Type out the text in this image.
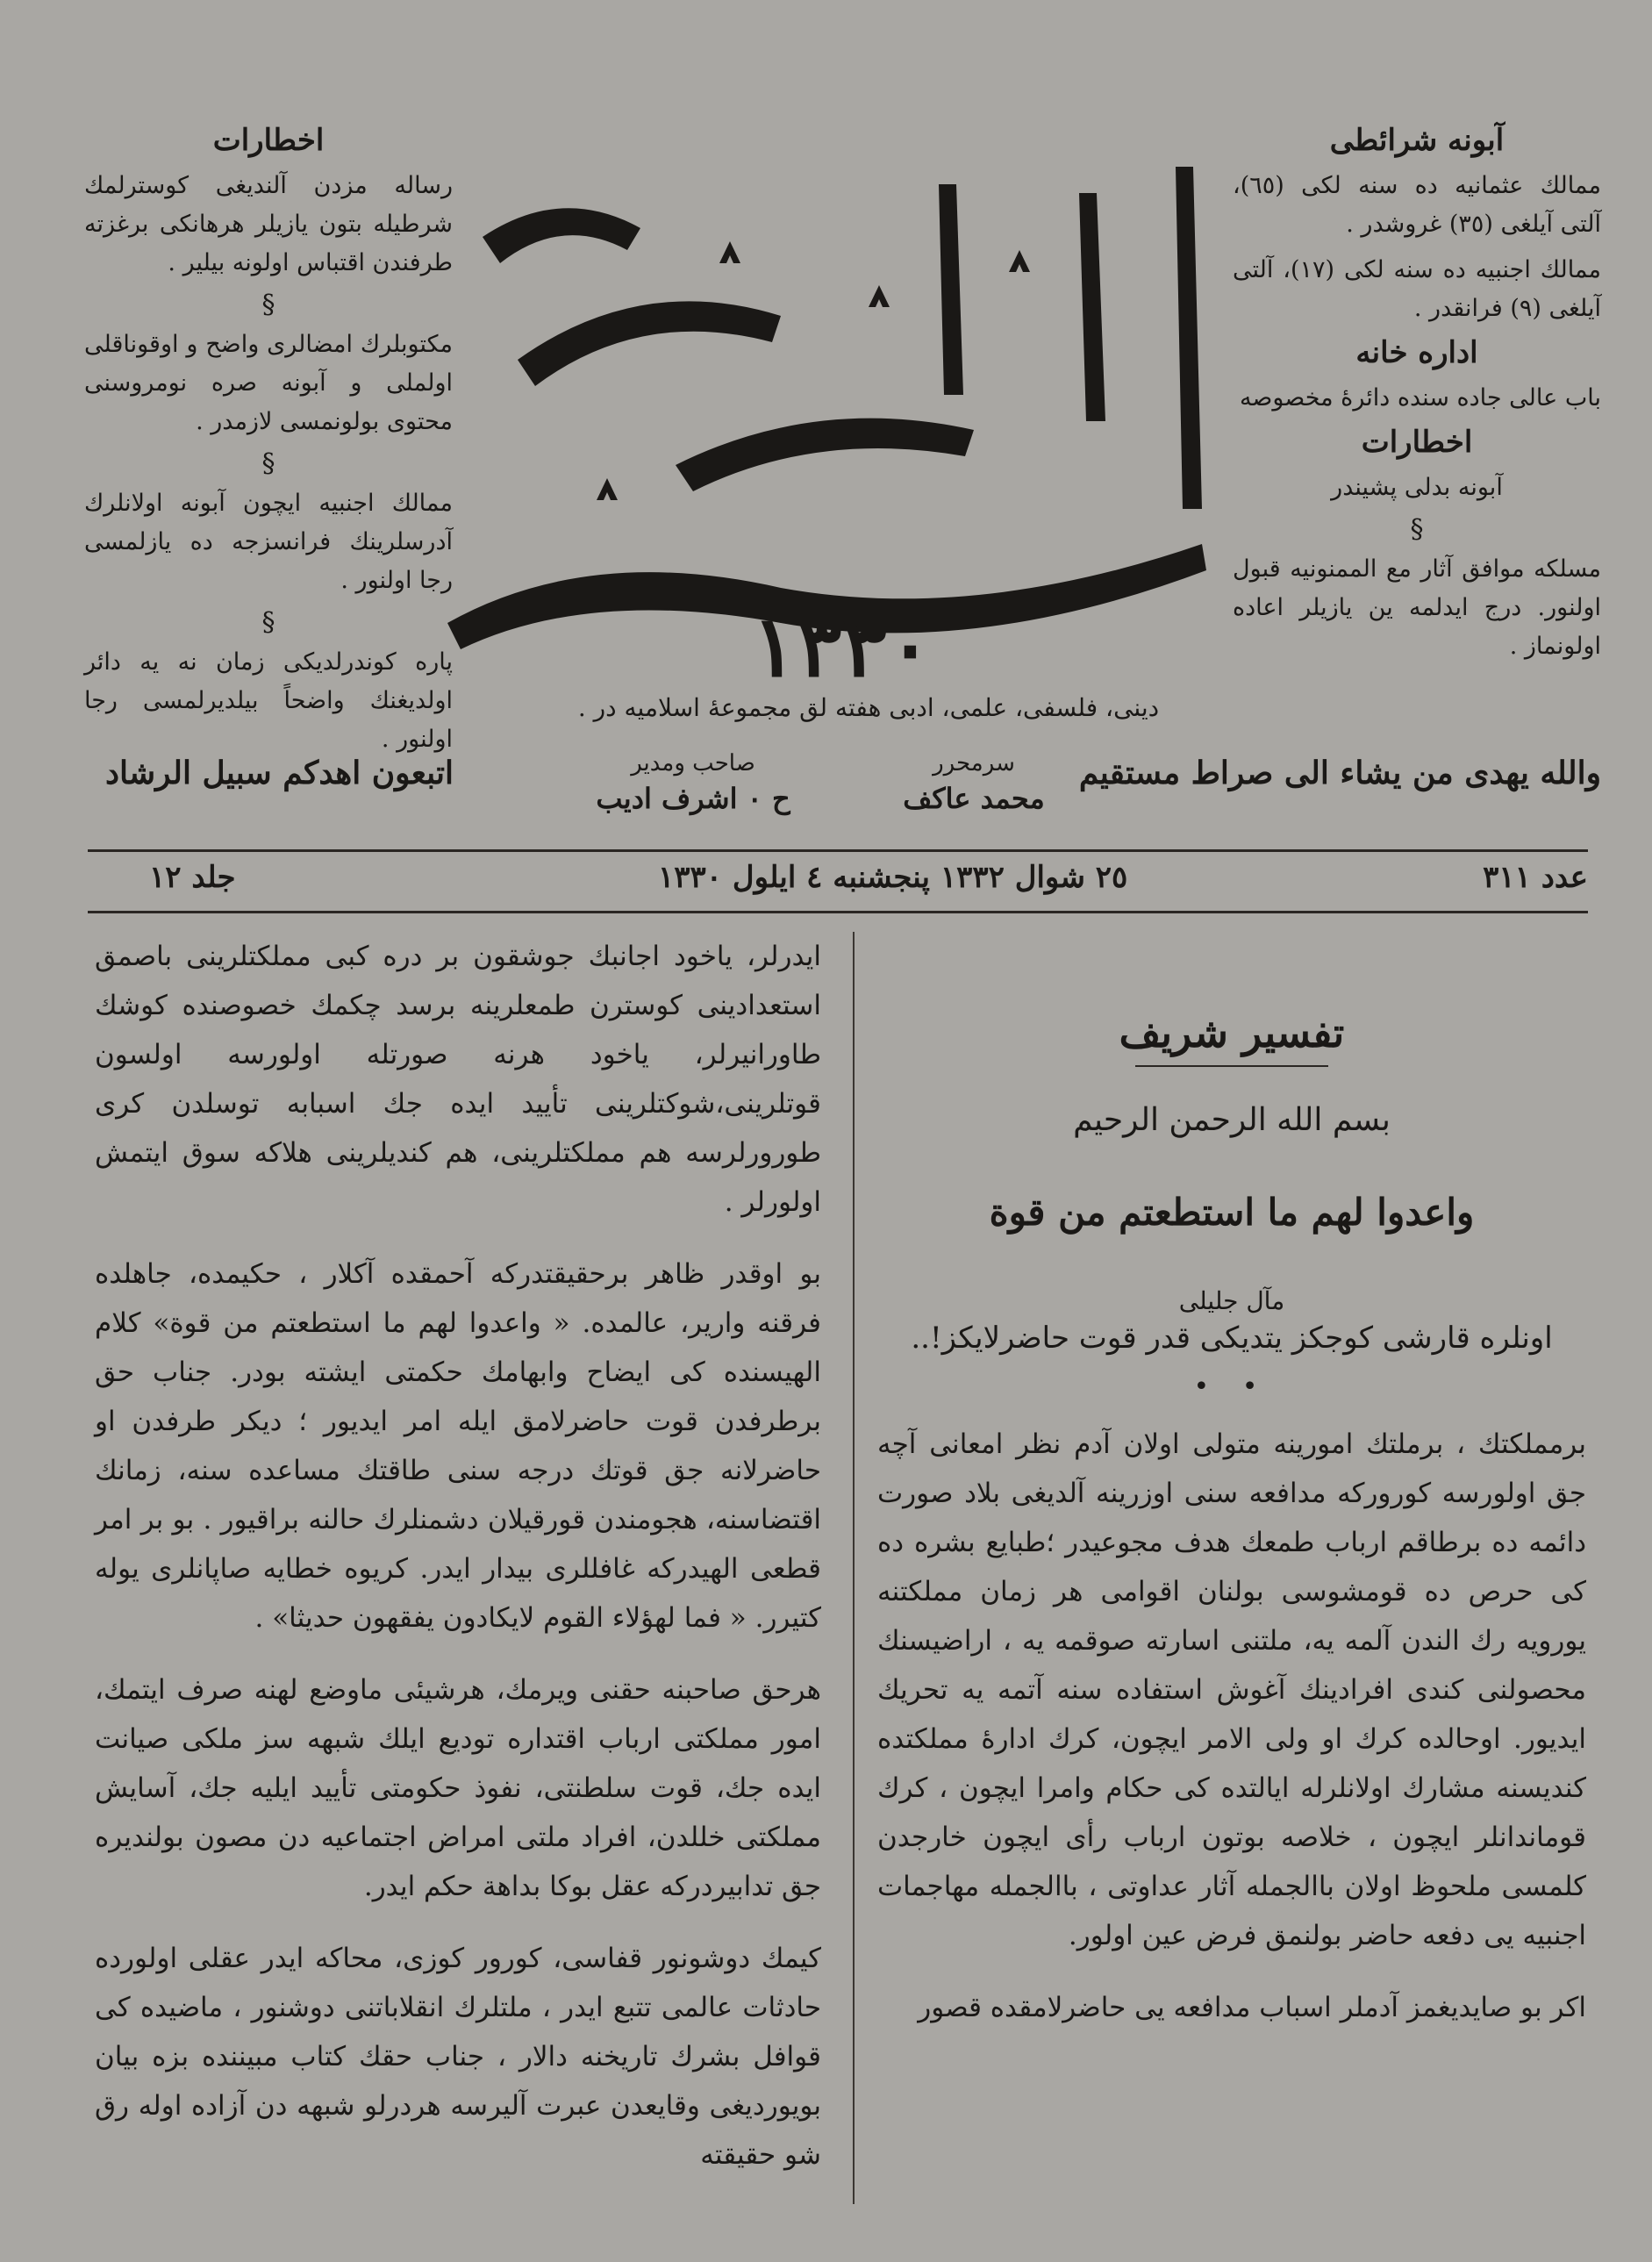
آبونه شرائطی

ممالك عثمانیه ده سنه لکی (٦٥)، آلتی آیلغی (٣٥) غروشدر .

ممالك اجنبیه ده سنه لکی (١٧)، آلتی آیلغی (٩) فرانقدر .

اداره خانه

باب عالی جاده سنده دائرۀ مخصوصه

اخطارات

آبونه بدلی پشیندر

§

مسلکه موافق آثار مع الممنونیه قبول اولنور. درج ایدلمه ین یازیلر اعاده اولونماز .

اخطارات

رساله مزدن آلندیغی کوسترلمك شرطیله بتون یازیلر هرهانکی برغزته طرفندن اقتباس اولونه بیلیر .

§

مکتوبلرك امضالری واضح و اوقوناقلی اولملی و آبونه صره نومروسنی محتوی بولونمسی لازمدر .

§

ممالك اجنبیه ایچون آبونه اولانلرك آدرسلرینك فرانسزجه ده یازلمسی رجا اولنور .

§

پاره کوندرلدیکی زمان نه یه دائر اولدیغنك واضحاً بیلدیرلمسی رجا اولنور .

١٣٣٠
دینی، فلسفی، علمی، ادبی هفته لق مجموعۀ اسلامیه در .
والله یهدی من یشاء الی صراط مستقیم
سرمحرر
محمد عاکف
صاحب ومدیر
ح ۰ اشرف ادیب
اتبعون اهدکم سبیل الرشاد
عدد ٣١١
٢٥ شوال ١٣٣٢ پنجشنبه ٤ ایلول ١٣٣٠
جلد ١٢
تفسیر شریف
بسم الله الرحمن الرحيم
واعدوا لهم ما استطعتم من قوة
مآل جلیلی
اونلره قارشی کوجکز یتدیکی قدر قوت حاضرلایکز!..
• •

برمملکتك ، برملتك امورینه متولی اولان آدم نظر امعانی آچه جق اولورسه کورورکه مدافعه سنی اوزرینه آلدیغی بلاد صورت دائمه ده برطاقم ارباب طمعك هدف مجوعیدر ؛طبایع بشره ده کی حرص ده قومشوسی بولنان اقوامی هر زمان مملکتنه یورویه رك الندن آلمه یه، ملتنی اسارته صوقمه یه ، اراضیسنك محصولنی کندی افرادینك آغوش استفاده سنه آتمه یه تحریك ایدیور. اوحالده کرك او ولی الامر ایچون، کرك ادارۀ مملکتده کندیسنه مشارك اولانلرله ایالتده کی حکام وامرا ایچون ، کرك قوماندانلر ایچون ، خلاصه بوتون ارباب رأی ایچون خارجدن کلمسی ملحوظ اولان باالجمله آثار عداوتی ، باالجمله مهاجمات اجنبیه یی دفعه حاضر بولنمق فرض عین اولور.

اکر بو صایدیغمز آدملر اسباب مدافعه یی حاضرلامقده قصور

ایدرلر، یاخود اجانبك جوشقون بر دره کبی مملکتلرینی باصمق استعدادینی کوسترن طمعلرینه برسد چکمك خصوصنده کوشك طاورانیرلر، یاخود هرنه صورتله اولورسه اولسون قوتلرینی،شوکتلرینی تأیید ایده جك اسبابه توسلدن کری طورورلرسه هم مملکتلرینی، هم کندیلرینی هلاکه سوق ایتمش اولورلر .

بو اوقدر ظاهر برحقیقتدرکه آحمقده آکلار ، حکیمده، جاهلده فرقنه واریر، عالمده. « واعدوا لهم ما استطعتم من قوة» کلام الهیسنده کی ایضاح وابهامك حکمتی ایشته بودر. جناب حق برطرفدن قوت حاضرلامق ایله امر ایدیور ؛ دیکر طرفدن او حاضرلانه جق قوتك درجه سنی طاقتك مساعده سنه، زمانك اقتضاسنه، هجومندن قورقیلان دشمنلرك حالنه براقیور . بو بر امر قطعی الهیدرکه غافللری بیدار ایدر. کریوه خطایه صاپانلری یوله کتیرر. « فما لهؤلاء القوم لایکادون یفقهون حدیثا» .

هرحق صاحبنه حقنی ویرمك، هرشیئی ماوضع لهنه صرف ایتمك، امور مملکتی ارباب اقتداره تودیع ایلك شبهه سز ملکی صیانت ایده جك، قوت سلطنتی، نفوذ حکومتی تأیید ایلیه جك، آسایش مملکتی خللدن، افراد ملتی امراض اجتماعیه دن مصون بولندیره جق تدابیردرکه عقل بوکا بداهة حکم ایدر.

کیمك دوشونور قفاسی، کورور کوزی، محاکه ایدر عقلی اولورده حادثات عالمی تتبع ایدر ، ملتلرك انقلاباتنی دوشنور ، ماضیده کی قوافل بشرك تاریخنه دالار ، جناب حقك کتاب مبیننده بزه بیان بویوردیغی وقایعدن عبرت آلیرسه هردرلو شبهه دن آزاده اوله رق شو حقیقته
